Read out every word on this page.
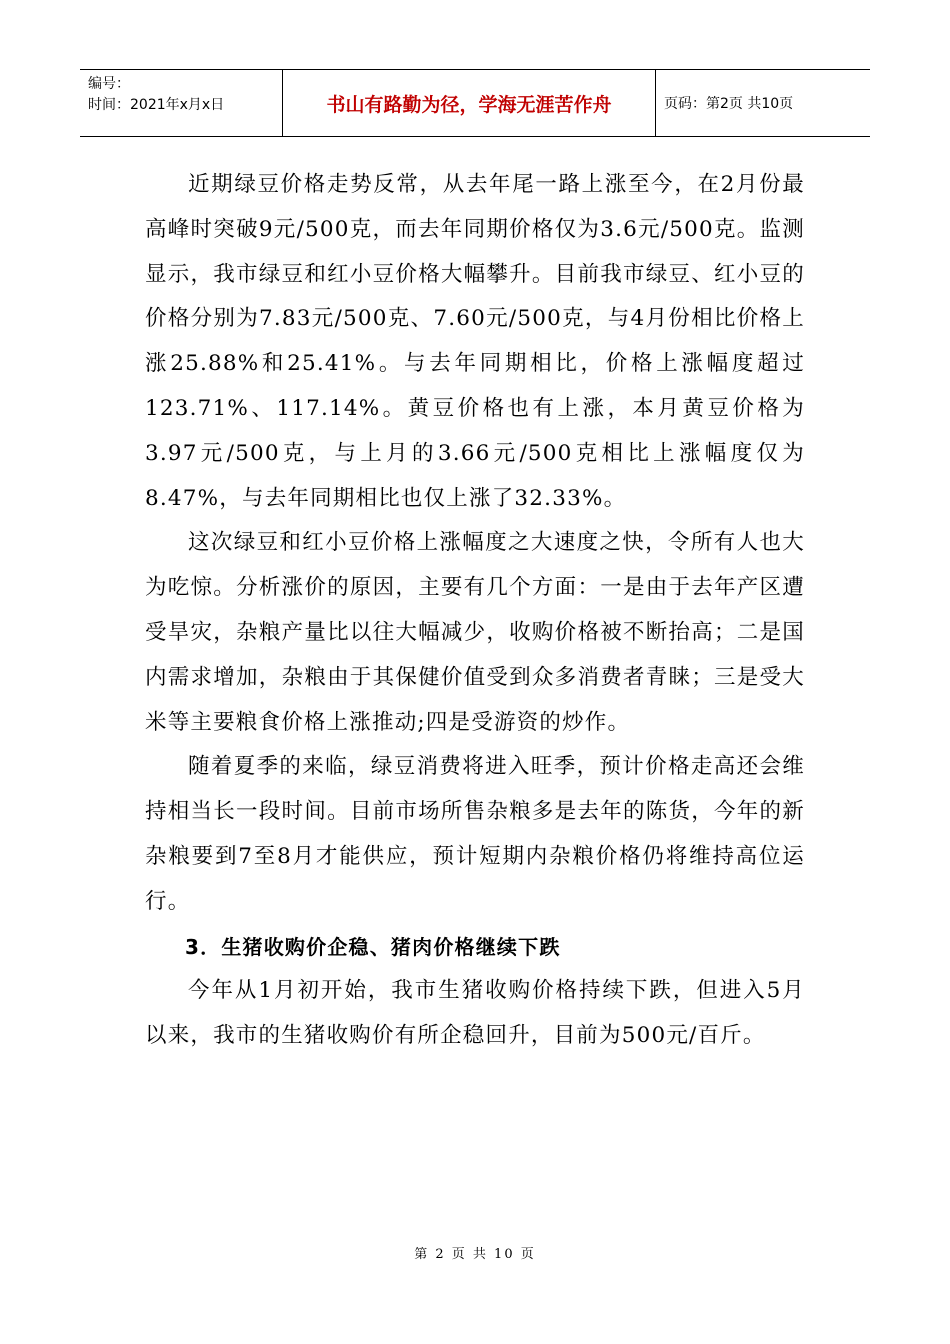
编号：
时间：2021年x月x日	书山有路勤为径，学海无涯苦作舟	页码：第2页 共10页

近期绿豆价格走势反常，从去年尾一路上涨至今，在2月份最高峰时突破9元/500克，而去年同期价格仅为3.6元/500克。监测显示，我市绿豆和红小豆价格大幅攀升。目前我市绿豆、红小豆的价格分别为7.83元/500克、7.60元/500克，与4月份相比价格上涨25.88%和25.41%。与去年同期相比，价格上涨幅度超过123.71%、117.14%。黄豆价格也有上涨，本月黄豆价格为3.97元/500克，与上月的3.66元/500克相比上涨幅度仅为8.47%，与去年同期相比也仅上涨了32.33%。

这次绿豆和红小豆价格上涨幅度之大速度之快，令所有人也大为吃惊。分析涨价的原因，主要有几个方面：一是由于去年产区遭受旱灾，杂粮产量比以往大幅减少，收购价格被不断抬高；二是国内需求增加，杂粮由于其保健价值受到众多消费者青睐；三是受大米等主要粮食价格上涨推动;四是受游资的炒作。

随着夏季的来临，绿豆消费将进入旺季，预计价格走高还会维持相当长一段时间。目前市场所售杂粮多是去年的陈货，今年的新杂粮要到7至8月才能供应，预计短期内杂粮价格仍将维持高位运行。

3．生猪收购价企稳、猪肉价格继续下跌

今年从1月初开始，我市生猪收购价格持续下跌，但进入5月以来，我市的生猪收购价有所企稳回升，目前为500元/百斤。

第 2 页 共 10 页
